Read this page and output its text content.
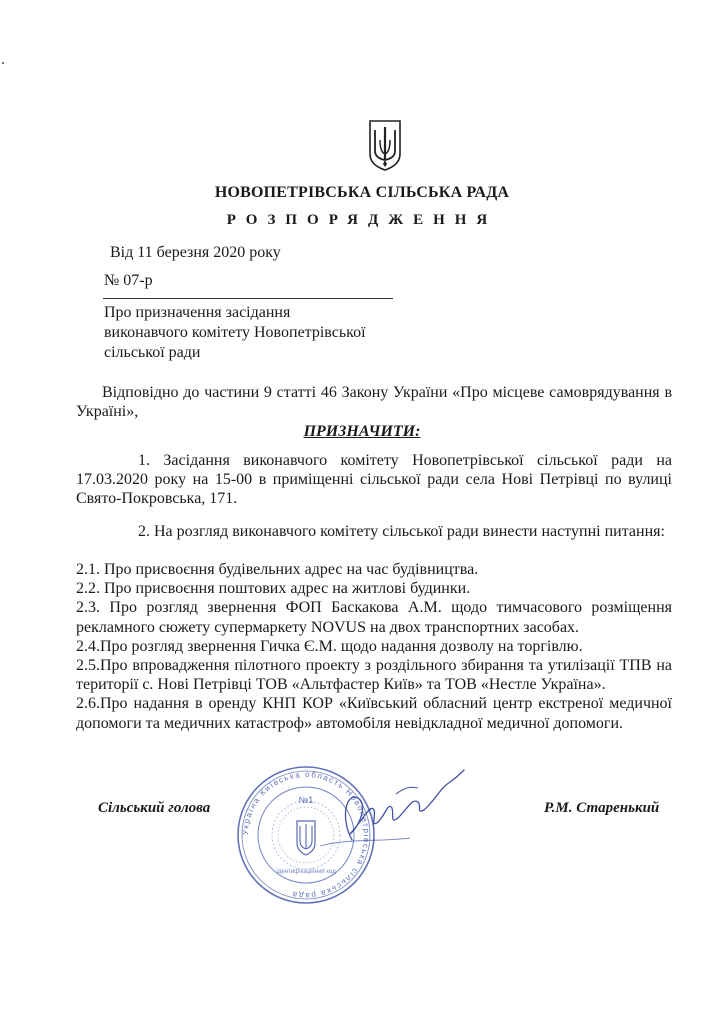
НОВОПЕТРІВСЬКА СІЛЬСЬКА РАДА
РОЗПОРЯДЖЕННЯ
Від 11 березня 2020 року
№ 07-р
Про призначення засідання
виконавчого комітету Новопетрівської
сільської ради
Відповідно до частини 9 статті 46 Закону України «Про місцеве самоврядування в Україні»,
ПРИЗНАЧИТИ:
1. Засідання виконавчого комітету Новопетрівської сільської ради на 17.03.2020 року на 15-00 в приміщенні сільської ради села Нові Петрівці по вулиці Свято-Покровська, 171.
2. На розгляд виконавчого комітету сільської ради винести наступні питання:
2.1. Про присвоєння будівельних адрес на час будівництва.
2.2. Про присвоєння поштових адрес на житлові будинки.
2.3. Про розгляд звернення ФОП Баскакова А.М. щодо тимчасового розміщення рекламного сюжету супермаркету NOVUS на двох транспортних засобах.
2.4.Про розгляд звернення Гичка Є.М. щодо надання дозволу на торгівлю.
2.5.Про впровадження пілотного проекту з роздільного збирання та утилізації ТПВ на території с. Нові Петрівці ТОВ «Альтфастер Київ» та ТОВ «Нестле Україна».
2.6.Про надання в оренду КНП КОР «Київський обласний центр екстреної медичної допомоги та медичних катастроф» автомобіля невідкладної медичної допомоги.
Сільський голова	Р.М. Старенький
Україна Київська область Новопетрівська сільська рада
№1
Ідентифікаційний код
